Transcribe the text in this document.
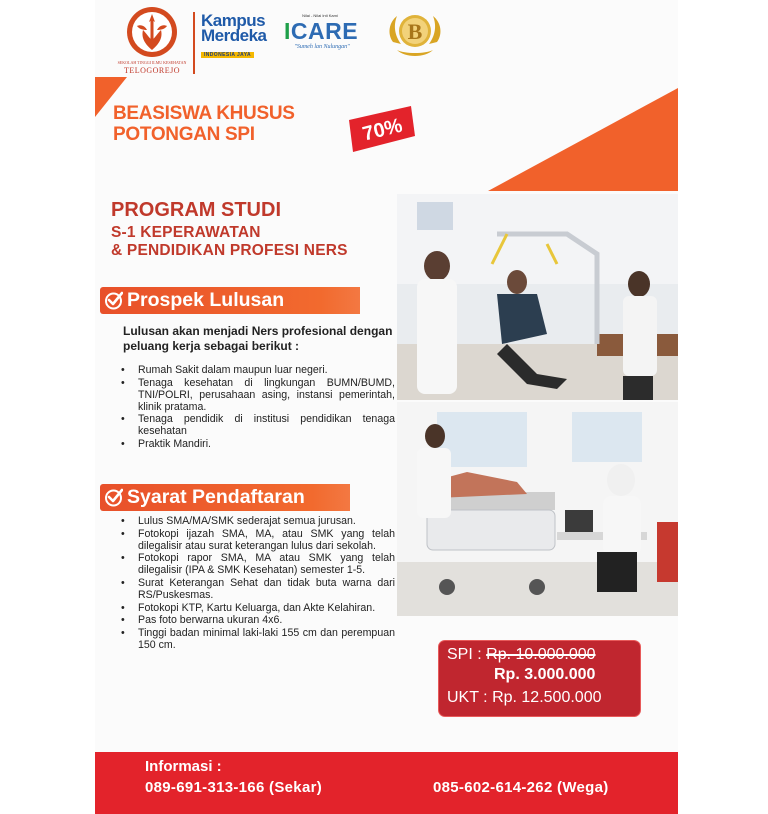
SEKOLAH TINGGI ILMU KESEHATAN
TELOGOREJO
Kampus
Merdeka
INDONESIA JAYA
Nilai - Nilai Inti Kami
ICARE
"Sumeh lan Nulungan"
B
BEASISWA KHUSUS
POTONGAN SPI	70%
PROGRAM STUDI
S-1 KEPERAWATAN
& PENDIDIKAN PROFESI NERS
Prospek Lulusan
Lulusan akan menjadi Ners profesional dengan peluang kerja sebagai berikut :
• Rumah Sakit dalam maupun luar negeri.
• Tenaga kesehatan di lingkungan BUMN/BUMD, TNI/POLRI, perusahaan asing, instansi pemerintah, klinik pratama.
• Tenaga pendidik di institusi pendidikan tenaga kesehatan
• Praktik Mandiri.
Syarat Pendaftaran
• Lulus SMA/MA/SMK sederajat semua jurusan.
• Fotokopi ijazah SMA, MA, atau SMK yang telah dilegalisir atau surat keterangan lulus dari sekolah.
• Fotokopi rapor SMA, MA atau SMK yang telah dilegalisir (IPA & SMK Kesehatan) semester 1-5.
• Surat Keterangan Sehat dan tidak buta warna dari RS/Puskesmas.
• Fotokopi KTP, Kartu Keluarga, dan Akte Kelahiran.
• Pas foto berwarna ukuran 4x6.
• Tinggi badan minimal laki-laki 155 cm dan perempuan 150 cm.
SPI : Rp. 10.000.000
Rp. 3.000.000
UKT : Rp. 12.500.000
Informasi :
089-691-313-166 (Sekar)	085-602-614-262 (Wega)
